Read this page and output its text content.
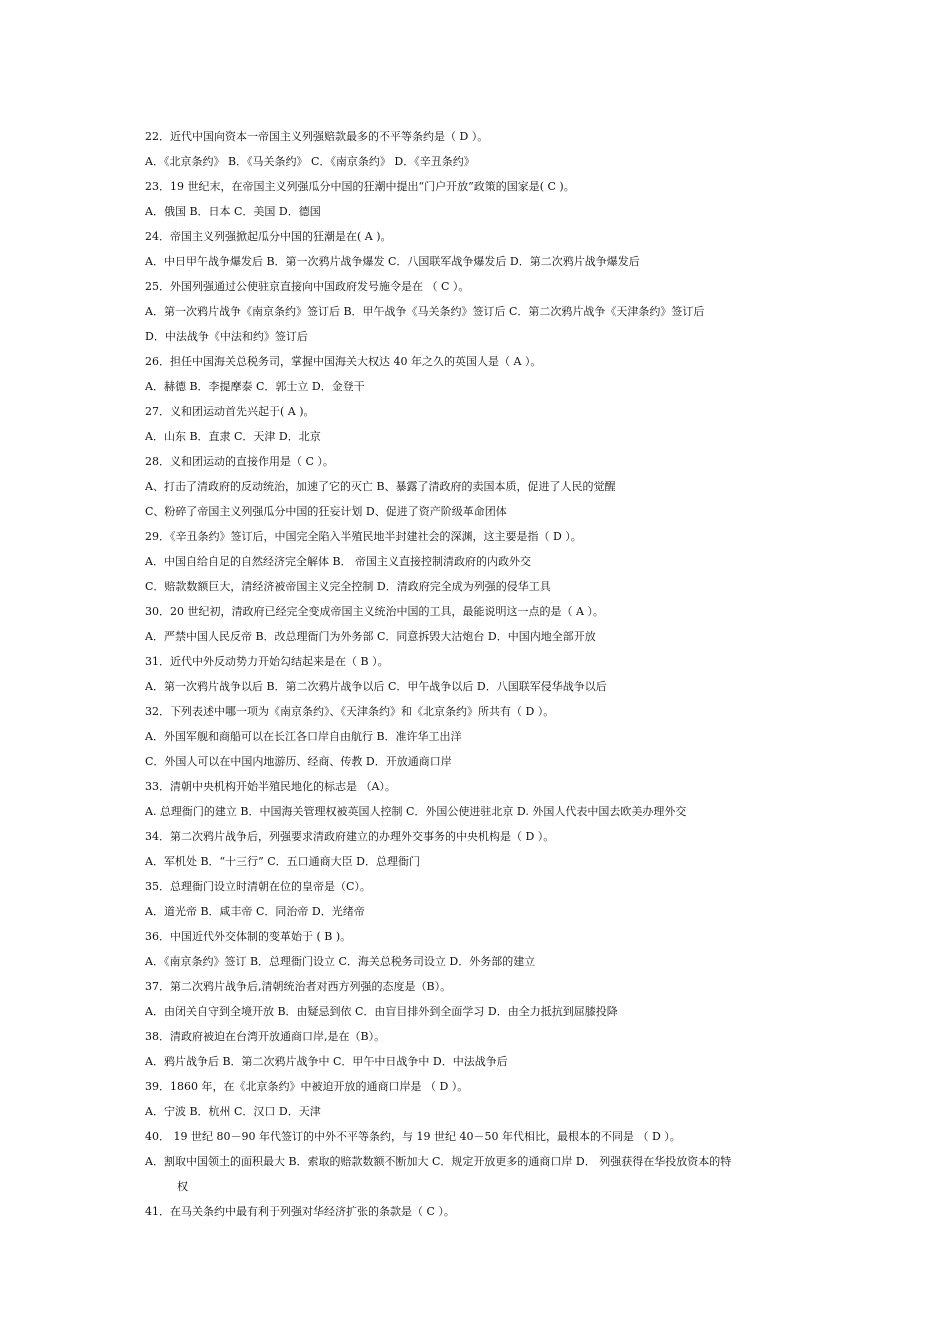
22．近代中国向资本一帝国主义列强赔款最多的不平等条约是（ D ）。
A．《北京条约》 B．《马关条约》 C．《南京条约》 D．《辛丑条约》
23．19 世纪末，在帝国主义列强瓜分中国的狂潮中提出“门户开放”政策的国家是( C )。
A．俄国 B．日本 C．美国 D．德国
24．帝国主义列强掀起瓜分中国的狂潮是在( A )。
A．中日甲午战争爆发后 B．第一次鸦片战争爆发 C．八国联军战争爆发后 D．第二次鸦片战争爆发后
25．外国列强通过公使驻京直接向中国政府发号施令是在 （ C ）。
A．第一次鸦片战争《南京条约》签订后 B．甲午战争《马关条约》签订后 C．第二次鸦片战争《天津条约》签订后
D．中法战争《中法和约》签订后
26．担任中国海关总税务司，掌握中国海关大权达 40 年之久的英国人是（ A ）。
A．赫德 B．李提摩泰 C．郭士立 D．金登干
27．义和团运动首先兴起于( A )。
A．山东 B．直隶 C．天津 D．北京
28．义和团运动的直接作用是（ C ）。
A、打击了清政府的反动统治，加速了它的灭亡 B、暴露了清政府的卖国本质，促进了人民的觉醒
C、粉碎了帝国主义列强瓜分中国的狂妄计划 D、促进了资产阶级革命团体
29．《辛丑条约》签订后，中国完全陷入半殖民地半封建社会的深渊，这主要是指（ D ）。
A．中国自给自足的自然经济完全解体 B． 帝国主义直接控制清政府的内政外交
C．赔款数额巨大，清经济被帝国主义完全控制 D．清政府完全成为列强的侵华工具
30．20 世纪初，清政府已经完全变成帝国主义统治中国的工具，最能说明这一点的是（ A ）。
A．严禁中国人民反帝 B．改总理衙门为外务部 C．同意拆毁大沽炮台 D．中国内地全部开放
31．近代中外反动势力开始勾结起来是在（ B ）。
A．第一次鸦片战争以后 B．第二次鸦片战争以后 C．甲午战争以后 D．八国联军侵华战争以后
32．下列表述中哪一项为《南京条约》、《天津条约》和《北京条约》所共有（ D ）。
A．外国军舰和商船可以在长江各口岸自由航行 B．准许华工出洋
C．外国人可以在中国内地游历、经商、传教 D．开放通商口岸
33．清朝中央机构开始半殖民地化的标志是 （A）。
A. 总理衙门的建立 B．中国海关管理权被英国人控制 C．外国公使进驻北京 D. 外国人代表中国去欧美办理外交
34．第二次鸦片战争后，列强要求清政府建立的办理外交事务的中央机构是（ D ）。
A．军机处 B．“十三行” C．五口通商大臣 D．总理衙门
35．总理衙门设立时清朝在位的皇帝是（C）。
A．道光帝 B．咸丰帝 C．同治帝 D．光绪帝
36．中国近代外交体制的变革始于 ( B )。
A．《南京条约》签订 B．总理衙门设立 C．海关总税务司设立 D．外务部的建立
37．第二次鸦片战争后,清朝统治者对西方列强的态度是（B）。
A．由闭关自守到全境开放 B．由疑忌到依 C．由盲目排外到全面学习 D．由全力抵抗到屈膝投降
38．清政府被迫在台湾开放通商口岸,是在（B）。
A．鸦片战争后 B．第二次鸦片战争中 C．甲午中日战争中 D．中法战争后
39．1860 年，在《北京条约》中被迫开放的通商口岸是 （ D ）。
A．宁波 B．杭州 C．汉口 D．天津
40． 19 世纪 80－90 年代签订的中外不平等条约，与 19 世纪 40－50 年代相比，最根本的不同是 （ D ）。
A．割取中国领土的面积最大 B．索取的赔款数额不断加大 C．规定开放更多的通商口岸 D． 列强获得在华投放资本的特
权
41．在马关条约中最有利于列强对华经济扩张的条款是（ C ）。
